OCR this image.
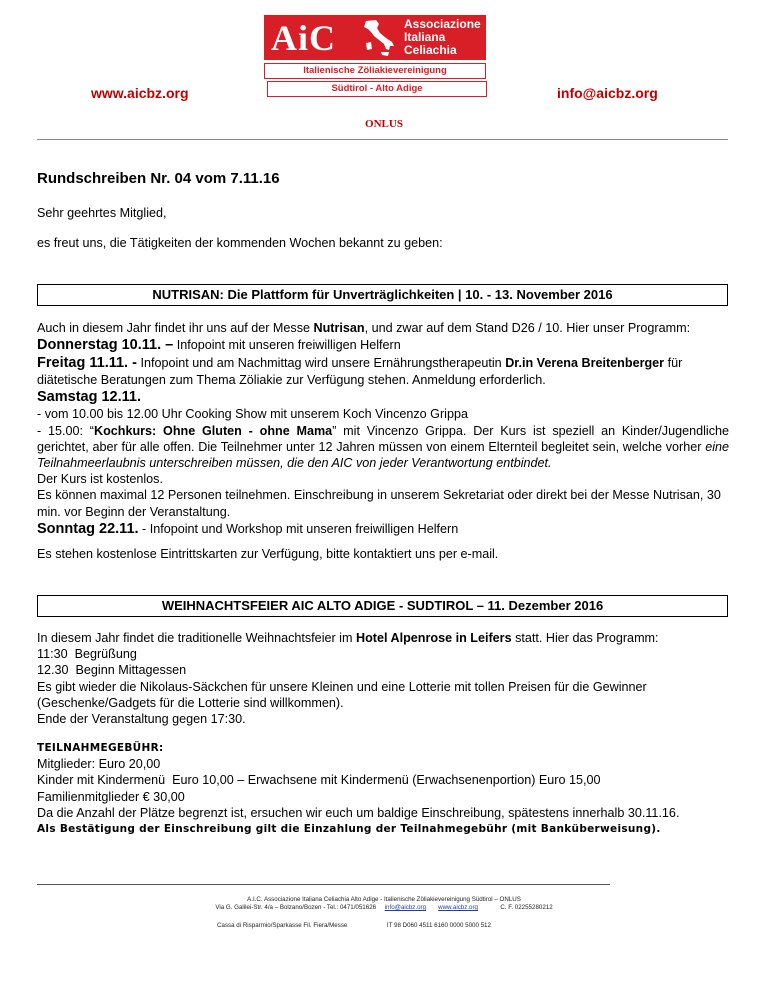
www.aicbz.org	info@aicbz.org
AiC	Associazione
Italiana
Celiachia
Italienische Zöliakievereinigung
Südtirol - Alto Adige
ONLUS
Rundschreiben Nr. 04 vom 7.11.16
Sehr geehrtes Mitglied,
es freut uns, die Tätigkeiten der kommenden Wochen bekannt zu geben:
NUTRISAN: Die Plattform für Unverträglichkeiten | 10. - 13. November 2016
Auch in diesem Jahr findet ihr uns auf der Messe Nutrisan, und zwar auf dem Stand D26 / 10. Hier unser Programm:
Donnerstag 10.11. – Infopoint mit unseren freiwilligen Helfern
Freitag 11.11. - Infopoint und am Nachmittag wird unsere Ernährungstherapeutin Dr.in Verena Breitenberger für diätetische Beratungen zum Thema Zöliakie zur Verfügung stehen. Anmeldung erforderlich.
Samstag 12.11.
- vom 10.00 bis 12.00 Uhr Cooking Show mit unserem Koch Vincenzo Grippa
- 15.00: “Kochkurs: Ohne Gluten - ohne Mama” mit Vincenzo Grippa. Der Kurs ist speziell an Kinder/Jugendliche gerichtet, aber für alle offen. Die Teilnehmer unter 12 Jahren müssen von einem Elternteil begleitet sein, welche vorher eine Teilnahmeerlaubnis unterschreiben müssen, die den AIC von jeder Verantwortung entbindet.
Der Kurs ist kostenlos.
Es können maximal 12 Personen teilnehmen. Einschreibung in unserem Sekretariat oder direkt bei der Messe Nutrisan, 30 min. vor Beginn der Veranstaltung.
Sonntag 22.11. - Infopoint und Workshop mit unseren freiwilligen Helfern
Es stehen kostenlose Eintrittskarten zur Verfügung, bitte kontaktiert uns per e-mail.
WEIHNACHTSFEIER AIC ALTO ADIGE - SUDTIROL – 11. Dezember 2016
In diesem Jahr findet die traditionelle Weihnachtsfeier im Hotel Alpenrose in Leifers statt. Hier das Programm:
11:30  Begrüßung
12.30  Beginn Mittagessen
Es gibt wieder die Nikolaus-Säckchen für unsere Kleinen und eine Lotterie mit tollen Preisen für die Gewinner (Geschenke/Gadgets für die Lotterie sind willkommen).
Ende der Veranstaltung gegen 17:30.
TEILNAHMEGEBÜHR:
Mitglieder: Euro 20,00
Kinder mit Kindermenü  Euro 10,00 – Erwachsene mit Kindermenü (Erwachsenenportion) Euro 15,00
Familienmitglieder € 30,00
Da die Anzahl der Plätze begrenzt ist, ersuchen wir euch um baldige Einschreibung, spätestens innerhalb 30.11.16.
Als Bestätigung der Einschreibung gilt die Einzahlung der Teilnahmegebühr (mit Banküberweisung).
A.I.C. Associazione Italiana Celiachia Alto Adige - Italienische Zöliakievereinigung Südtirol – ONLUS
Via G. Galilei-Str. 4/a – Bolzano/Bozen - Tel.: 0471/051626 info@aicbz.org www.aicbz.org	C. F. 02255280212
Cassa di Risparmio/Sparkasse Fil. Fiera/Messe	IT 98 D060 4511 6160 0000 5000 512
